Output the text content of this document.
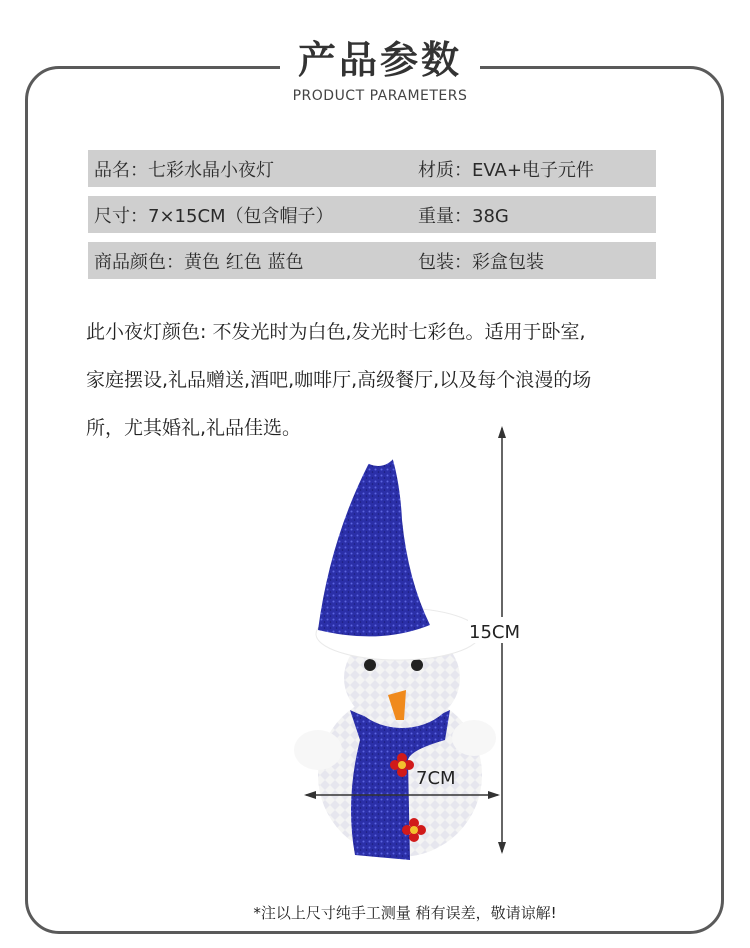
产品参数
PRODUCT PARAMETERS
品名：七彩水晶小夜灯	材质：EVA+电子元件
尺寸：7×15CM（包含帽子）	重量：38G
商品颜色：黄色 红色 蓝色	包装：彩盒包装

此小夜灯颜色: 不发光时为白色,发光时七彩色。适用于卧室,

家庭摆设,礼品赠送,酒吧,咖啡厅,高级餐厅,以及每个浪漫的场

所，尤其婚礼,礼品佳选。

15CM
7CM
*注以上尺寸纯手工测量 稍有误差，敬请谅解!
